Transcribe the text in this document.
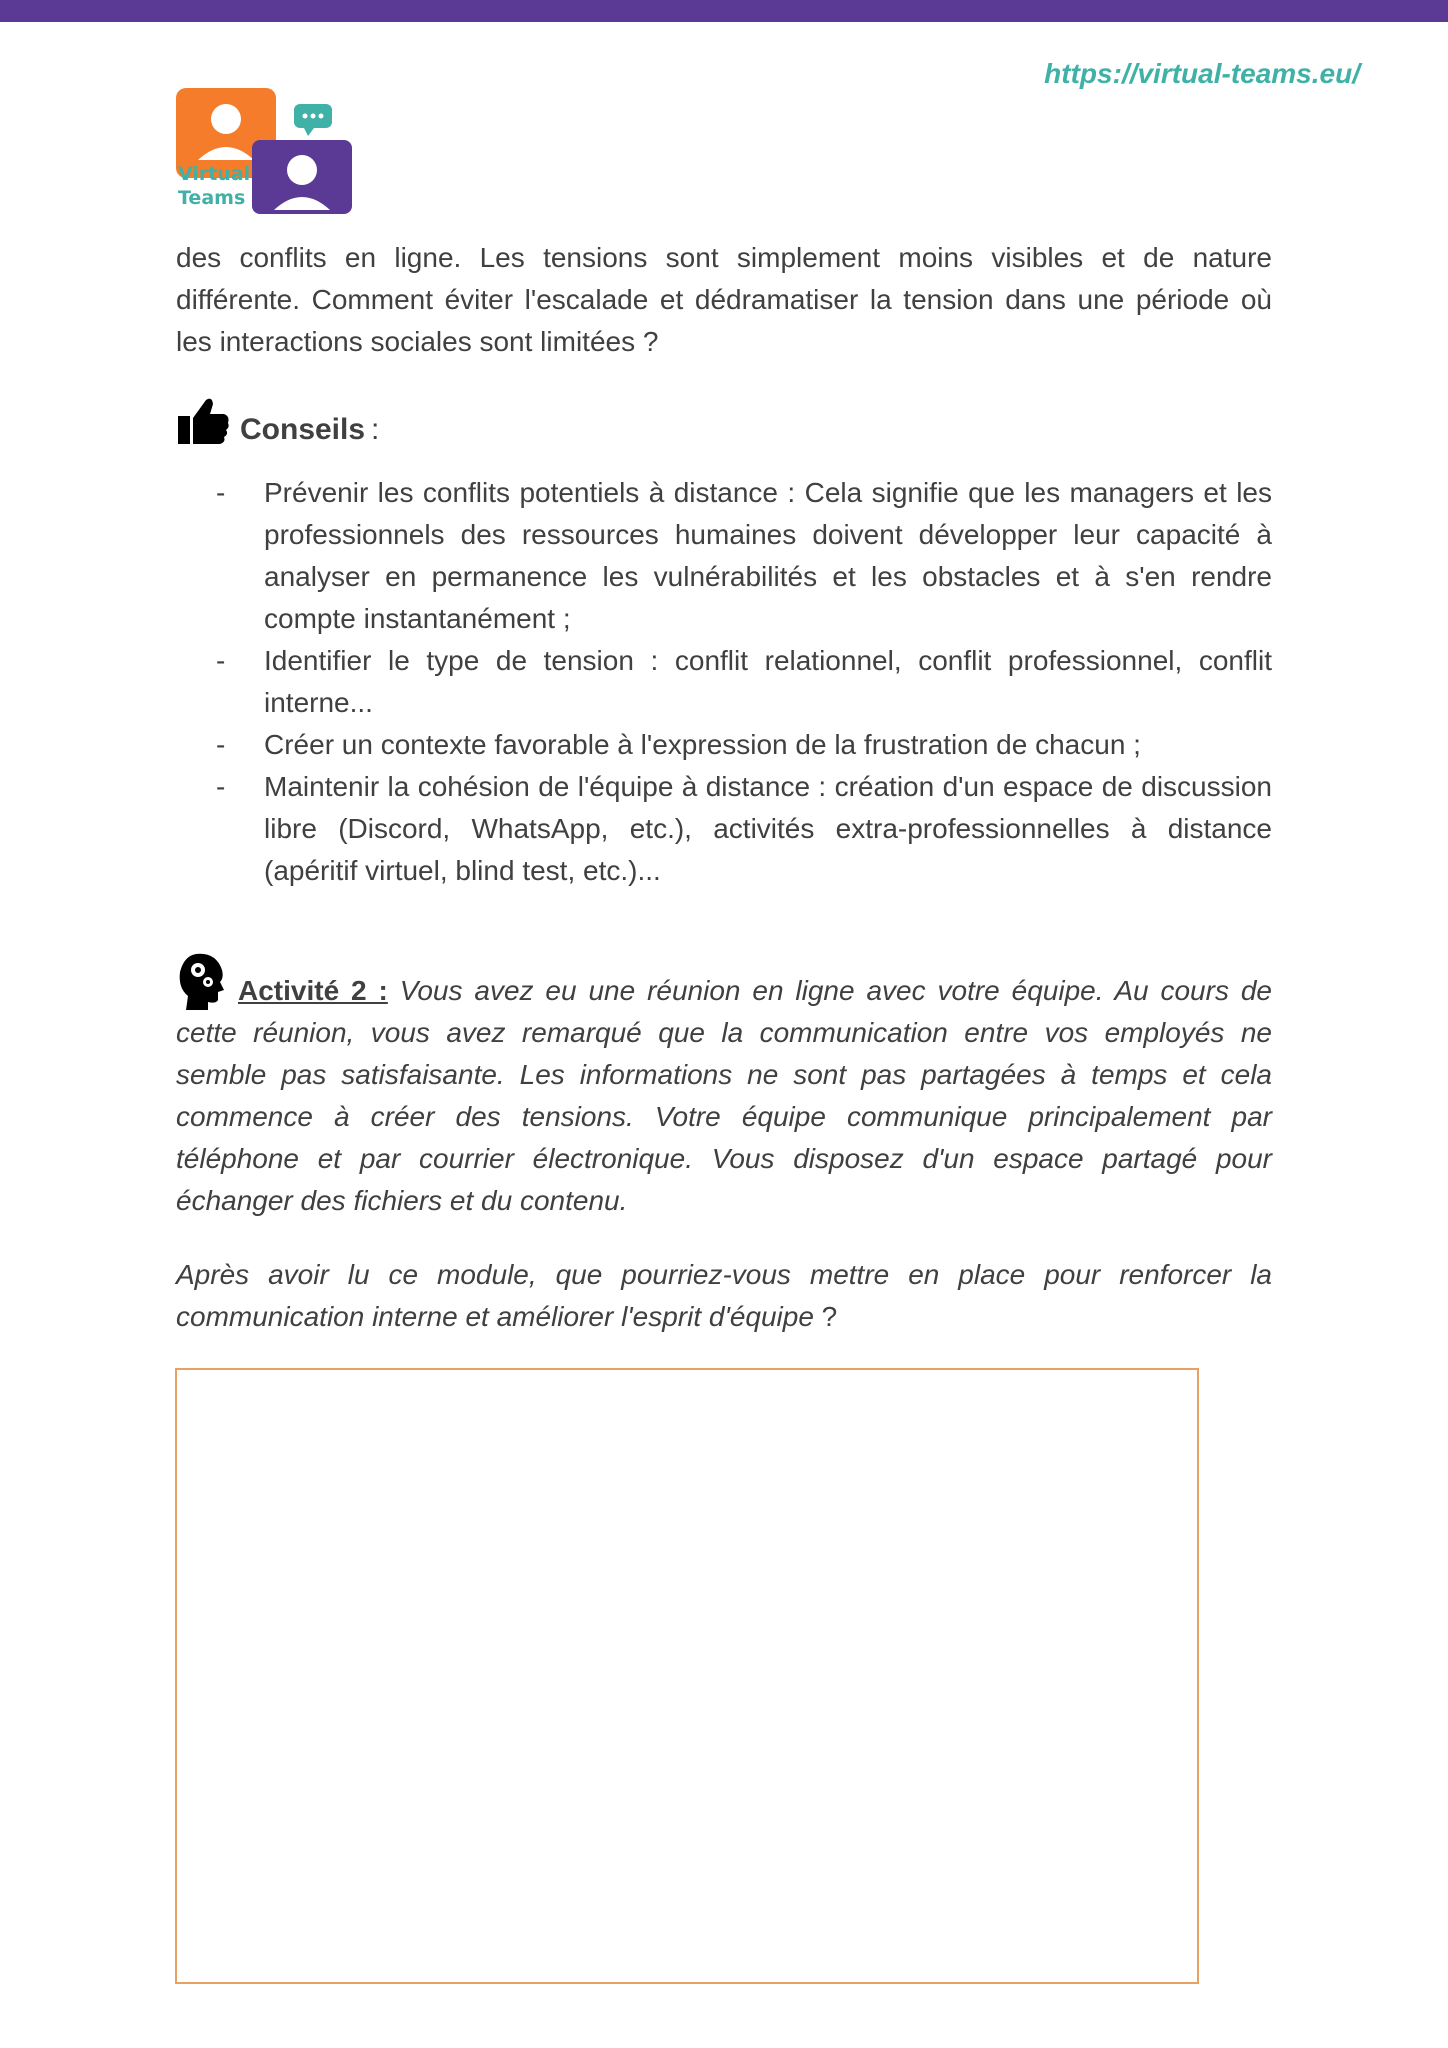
https://virtual-teams.eu/
Virtual
Teams

des conflits en ligne. Les tensions sont simplement moins visibles et de nature différente. Comment éviter l'escalade et dédramatiser la tension dans une période où les interactions sociales sont limitées ?

Conseils :
- Prévenir les conflits potentiels à distance : Cela signifie que les managers et les professionnels des ressources humaines doivent développer leur capacité à analyser en permanence les vulnérabilités et les obstacles et à s'en rendre compte instantanément ;
- Identifier le type de tension : conflit relationnel, conflit professionnel, conflit interne...
- Créer un contexte favorable à l'expression de la frustration de chacun ;
- Maintenir la cohésion de l'équipe à distance : création d'un espace de discussion libre (Discord, WhatsApp, etc.), activités extra-professionnelles à distance (apéritif virtuel, blind test, etc.)...

Activité 2 : Vous avez eu une réunion en ligne avec votre équipe. Au cours de cette réunion, vous avez remarqué que la communication entre vos employés ne semble pas satisfaisante. Les informations ne sont pas partagées à temps et cela commence à créer des tensions. Votre équipe communique principalement par téléphone et par courrier électronique. Vous disposez d'un espace partagé pour échanger des fichiers et du contenu.

Après avoir lu ce module, que pourriez-vous mettre en place pour renforcer la communication interne et améliorer l'esprit d'équipe ?
